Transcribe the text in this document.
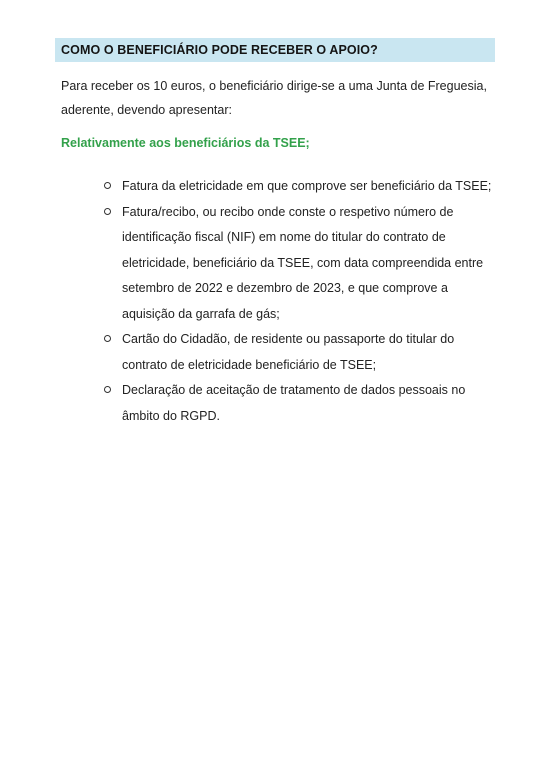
COMO O BENEFICIÁRIO PODE RECEBER O APOIO?

Para receber os 10 euros, o beneficiário dirige-se a uma Junta de Freguesia,

aderente, devendo apresentar:

Relativamente aos beneficiários da TSEE;
Fatura da eletricidade em que comprove ser beneficiário da TSEE;
Fatura/recibo, ou recibo onde conste o respetivo número de
identificação fiscal (NIF) em nome do titular do contrato de
eletricidade, beneficiário da TSEE, com data compreendida entre
setembro de 2022 e dezembro de 2023, e que comprove a
aquisição da garrafa de gás;
Cartão do Cidadão, de residente ou passaporte do titular do
contrato de eletricidade beneficiário de TSEE;
Declaração de aceitação de tratamento de dados pessoais no
âmbito do RGPD.
